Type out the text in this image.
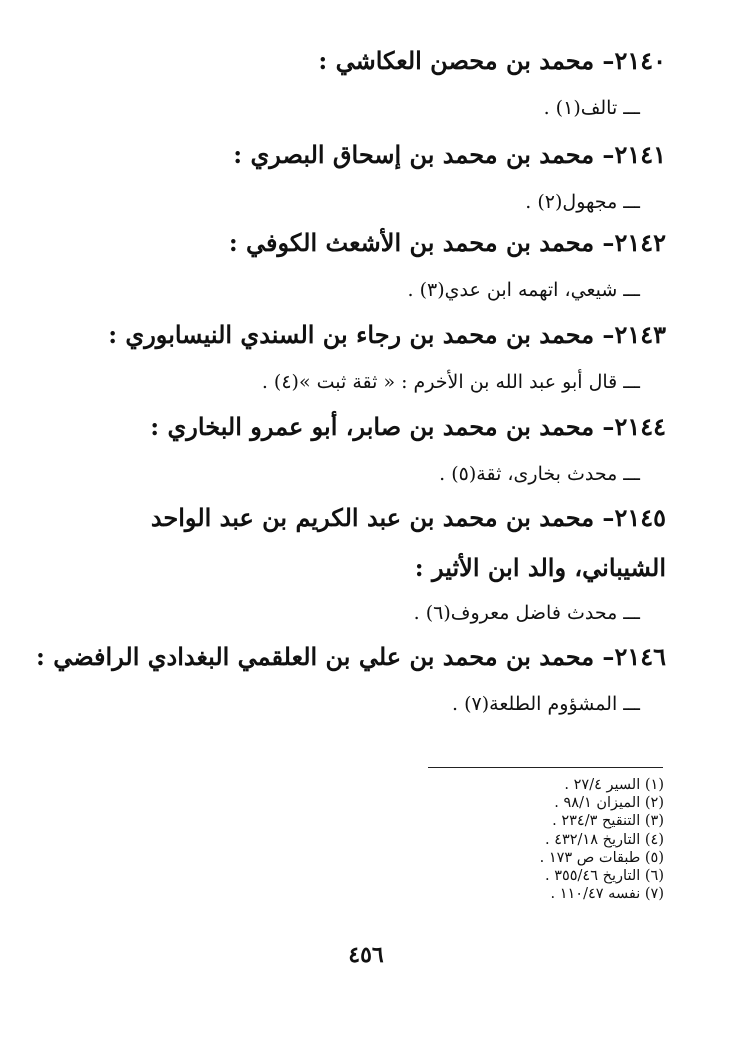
٢١٤٠– محمد بن محصن العكاشي :
ـــ تالف(١) .
٢١٤١– محمد بن محمد بن إسحاق البصري :
ـــ مجهول(٢) .
٢١٤٢– محمد بن محمد بن الأشعث الكوفي :
ـــ شيعي، اتهمه ابن عدي(٣) .
٢١٤٣– محمد بن محمد بن رجاء بن السندي النيسابوري :
ـــ قال أبو عبد الله بن الأخرم : « ثقة ثبت »(٤) .
٢١٤٤– محمد بن محمد بن صابر، أبو عمرو البخاري :
ـــ محدث بخارى، ثقة(٥) .
٢١٤٥– محمد بن محمد بن عبد الكريم بن عبد الواحد الشيباني، والد ابن الأثير :
ـــ محدث فاضل معروف(٦) .
٢١٤٦– محمد بن محمد بن علي بن العلقمي البغدادي الرافضي :
ـــ المشؤوم الطلعة(٧) .
(١) السير ٢٧/٤ .
(٢) الميزان ٩٨/١ .
(٣) التنقيح ٢٣٤/٣ .
(٤) التاريخ ٤٣٢/١٨ .
(٥) طبقات ص ١٧٣ .
(٦) التاريخ ٣٥٥/٤٦ .
(٧) نفسه ١١٠/٤٧ .
٤٥٦
